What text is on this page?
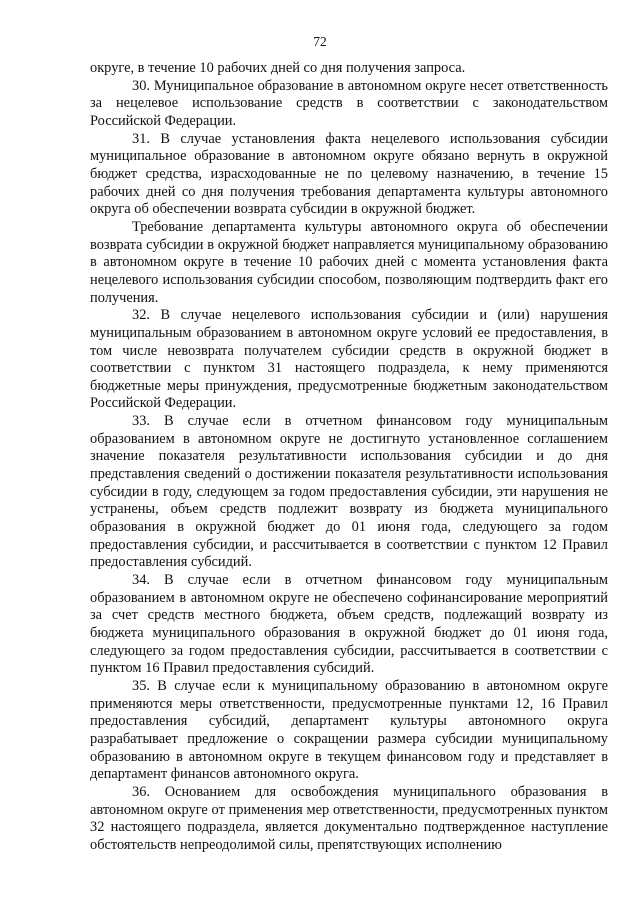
72

округе, в течение 10 рабочих дней со дня получения запроса.

30. Муниципальное образование в автономном округе несет ответственность за нецелевое использование средств в соответствии с законодательством Российской Федерации.

31. В случае установления факта нецелевого использования субсидии муниципальное образование в автономном округе обязано вернуть в окружной бюджет средства, израсходованные не по целевому назначению, в течение 15 рабочих дней со дня получения требования департамента культуры автономного округа об обеспечении возврата субсидии в окружной бюджет.

Требование департамента культуры автономного округа об обеспечении возврата субсидии в окружной бюджет направляется муниципальному образованию в автономном округе в течение 10 рабочих дней с момента установления факта нецелевого использования субсидии способом, позволяющим подтвердить факт его получения.

32. В случае нецелевого использования субсидии и (или) нарушения муниципальным образованием в автономном округе условий ее предоставления, в том числе невозврата получателем субсидии средств в окружной бюджет в соответствии с пунктом 31 настоящего подраздела, к нему применяются бюджетные меры принуждения, предусмотренные бюджетным законодательством Российской Федерации.

33. В случае если в отчетном финансовом году муниципальным образованием в автономном округе не достигнуто установленное соглашением значение показателя результативности использования субсидии и до дня представления сведений о достижении показателя результативности использования субсидии в году, следующем за годом предоставления субсидии, эти нарушения не устранены, объем средств подлежит возврату из бюджета муниципального образования в окружной бюджет до 01 июня года, следующего за годом предоставления субсидии, и рассчитывается в соответствии с пунктом 12 Правил предоставления субсидий.

34. В случае если в отчетном финансовом году муниципальным образованием в автономном округе не обеспечено софинансирование мероприятий за счет средств местного бюджета, объем средств, подлежащий возврату из бюджета муниципального образования в окружной бюджет до 01 июня года, следующего за годом предоставления субсидии, рассчитывается в соответствии с пунктом 16 Правил предоставления субсидий.

35. В случае если к муниципальному образованию в автономном округе применяются меры ответственности, предусмотренные пунктами 12, 16 Правил предоставления субсидий, департамент культуры автономного округа разрабатывает предложение о сокращении размера субсидии муниципальному образованию в автономном округе в текущем финансовом году и представляет в департамент финансов автономного округа.

36. Основанием для освобождения муниципального образования в автономном округе от применения мер ответственности, предусмотренных пунктом 32 настоящего подраздела, является документально подтвержденное наступление обстоятельств непреодолимой силы, препятствующих исполнению
